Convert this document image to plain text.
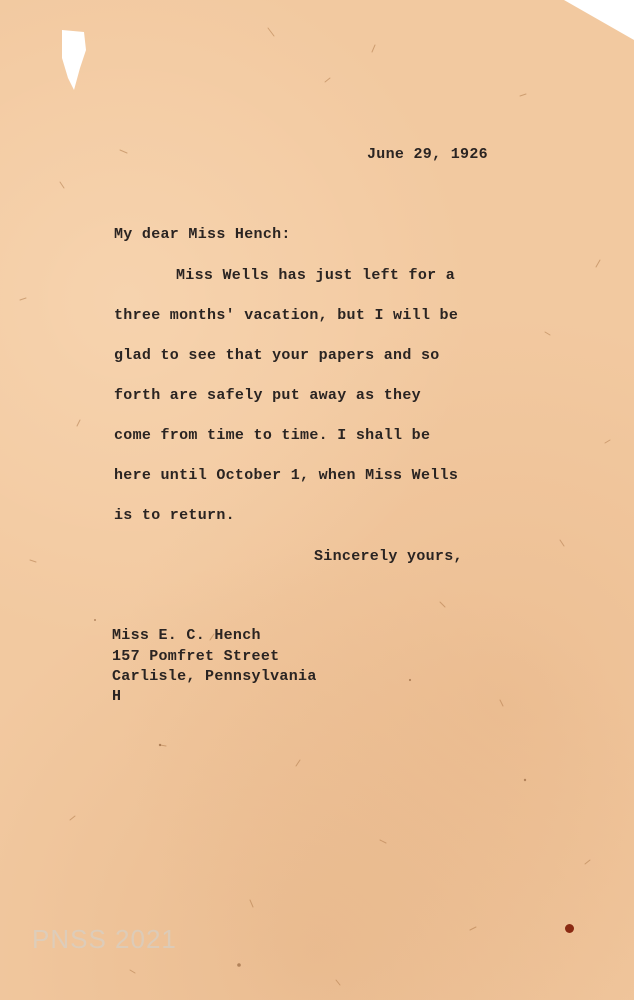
June 29, 1926
My dear Miss Hench:
Miss Wells has just left for a
three months' vacation, but I will be
glad to see that your papers and so
forth are safely put away as they
come from time to time. I shall be
here until October 1, when Miss Wells
is to return.
Sincerely yours,
Miss E. C. Hench
157 Pomfret Street
Carlisle, Pennsylvania
H
PNSS 2021
